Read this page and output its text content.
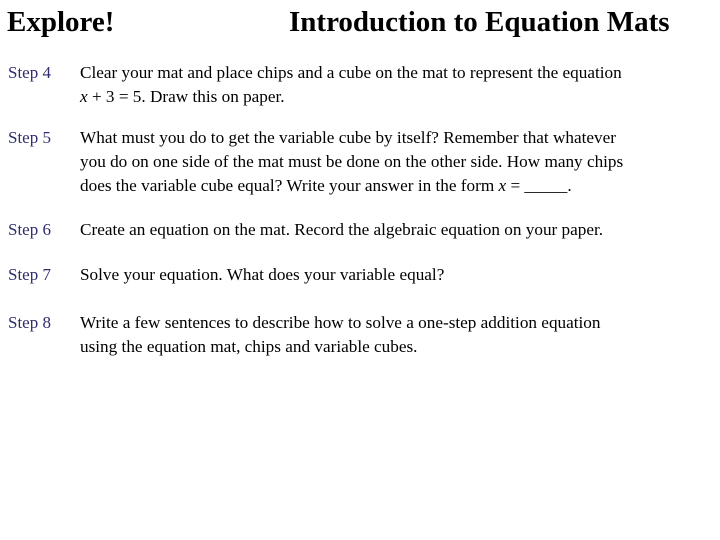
Explore!	Introduction to Equation Mats
Step 4 Clear your mat and place chips and a cube on the mat to represent the equation
x + 3 = 5. Draw this on paper.
Step 5 What must you do to get the variable cube by itself? Remember that whatever
you do on one side of the mat must be done on the other side. How many chips
does the variable cube equal? Write your answer in the form x = _____.
Step 6 Create an equation on the mat. Record the algebraic equation on your paper.
Step 7 Solve your equation. What does your variable equal?
Step 8 Write a few sentences to describe how to solve a one-step addition equation
using the equation mat, chips and variable cubes.
